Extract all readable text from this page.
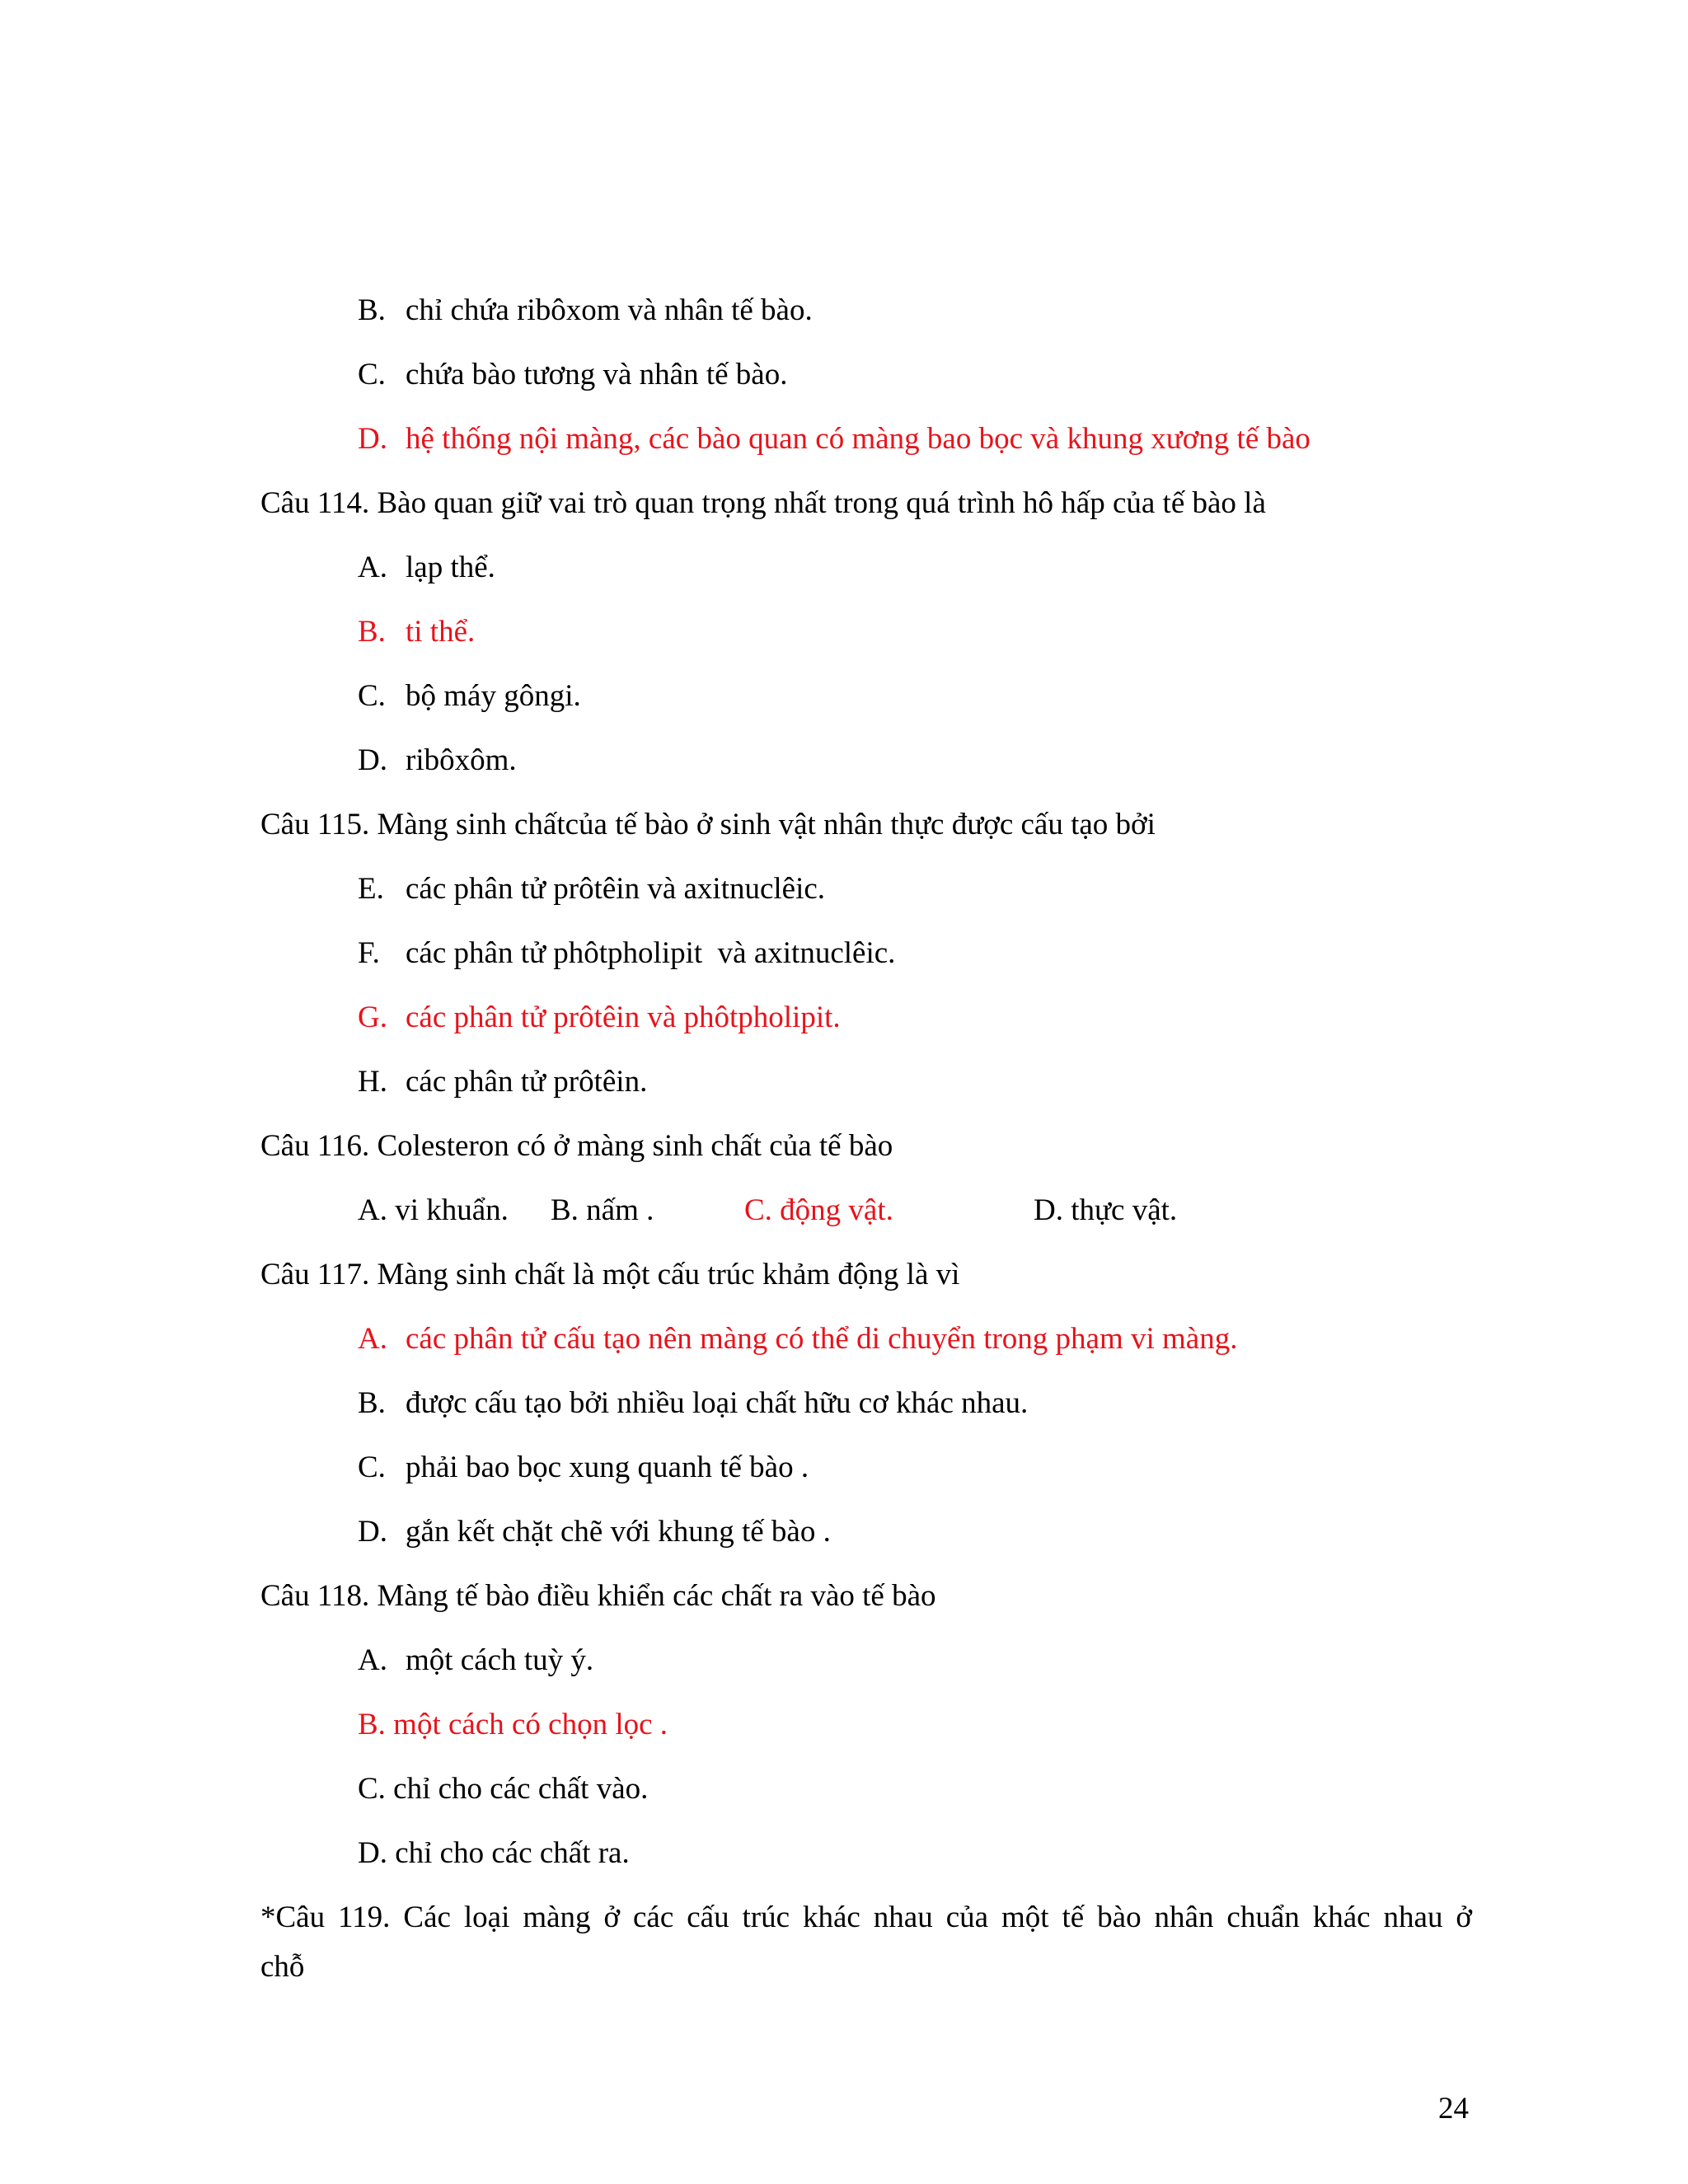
B. chỉ chứa ribôxom và nhân tế bào.
C. chứa bào tương và nhân tế bào.
D. hệ thống nội màng, các bào quan có màng bao bọc và khung xương tế bào
Câu 114. Bào quan giữ vai trò quan trọng nhất trong quá trình hô hấp của tế bào là
A. lạp thể.
B. ti thể.
C. bộ máy gôngi.
D. ribôxôm.
Câu 115. Màng sinh chấtcủa tế bào ở sinh vật nhân thực được cấu tạo bởi
E. các phân tử prôtêin và axitnuclêic.
F. các phân tử phôtpholipit  và axitnuclêic.
G. các phân tử prôtêin và phôtpholipit.
H. các phân tử prôtêin.
Câu 116. Colesteron có ở màng sinh chất của tế bào
A. vi khuẩn. B. nấm .	C. động vật.	D. thực vật.
Câu 117. Màng sinh chất là một cấu trúc khảm động là vì
A. các phân tử cấu tạo nên màng có thể di chuyển trong phạm vi màng.
B. được cấu tạo bởi nhiều loại chất hữu cơ khác nhau.
C. phải bao bọc xung quanh tế bào .
D. gắn kết chặt chẽ với khung tế bào .
Câu 118. Màng tế bào điều khiển các chất ra vào tế bào
A. một cách tuỳ ý.
B. một cách có chọn lọc .
C. chỉ cho các chất vào.
D. chỉ cho các chất ra.
*Câu 119. Các loại màng ở các cấu trúc khác nhau của một tế bào nhân chuẩn khác nhau ở
chỗ
24
